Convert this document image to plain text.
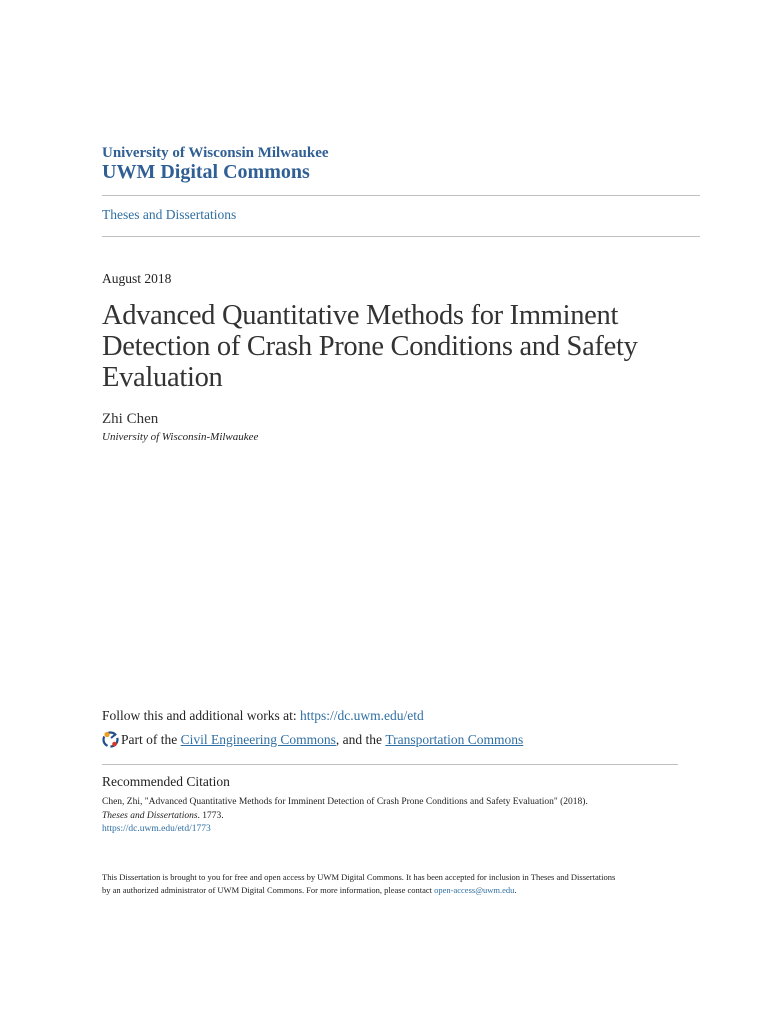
University of Wisconsin Milwaukee
UWM Digital Commons
Theses and Dissertations
August 2018
Advanced Quantitative Methods for Imminent Detection of Crash Prone Conditions and Safety Evaluation
Zhi Chen
University of Wisconsin-Milwaukee
Follow this and additional works at: https://dc.uwm.edu/etd
Part of the
Civil Engineering Commons , and the
Transportation Commons
Recommended Citation
Chen, Zhi, "Advanced Quantitative Methods for Imminent Detection of Crash Prone Conditions and Safety Evaluation" (2018).
Theses and Dissertations. 1773.
https://dc.uwm.edu/etd/1773
This Dissertation is brought to you for free and open access by UWM Digital Commons. It has been accepted for inclusion in Theses and Dissertations
by an authorized administrator of UWM Digital Commons. For more information, please contact open-access@uwm.edu.
